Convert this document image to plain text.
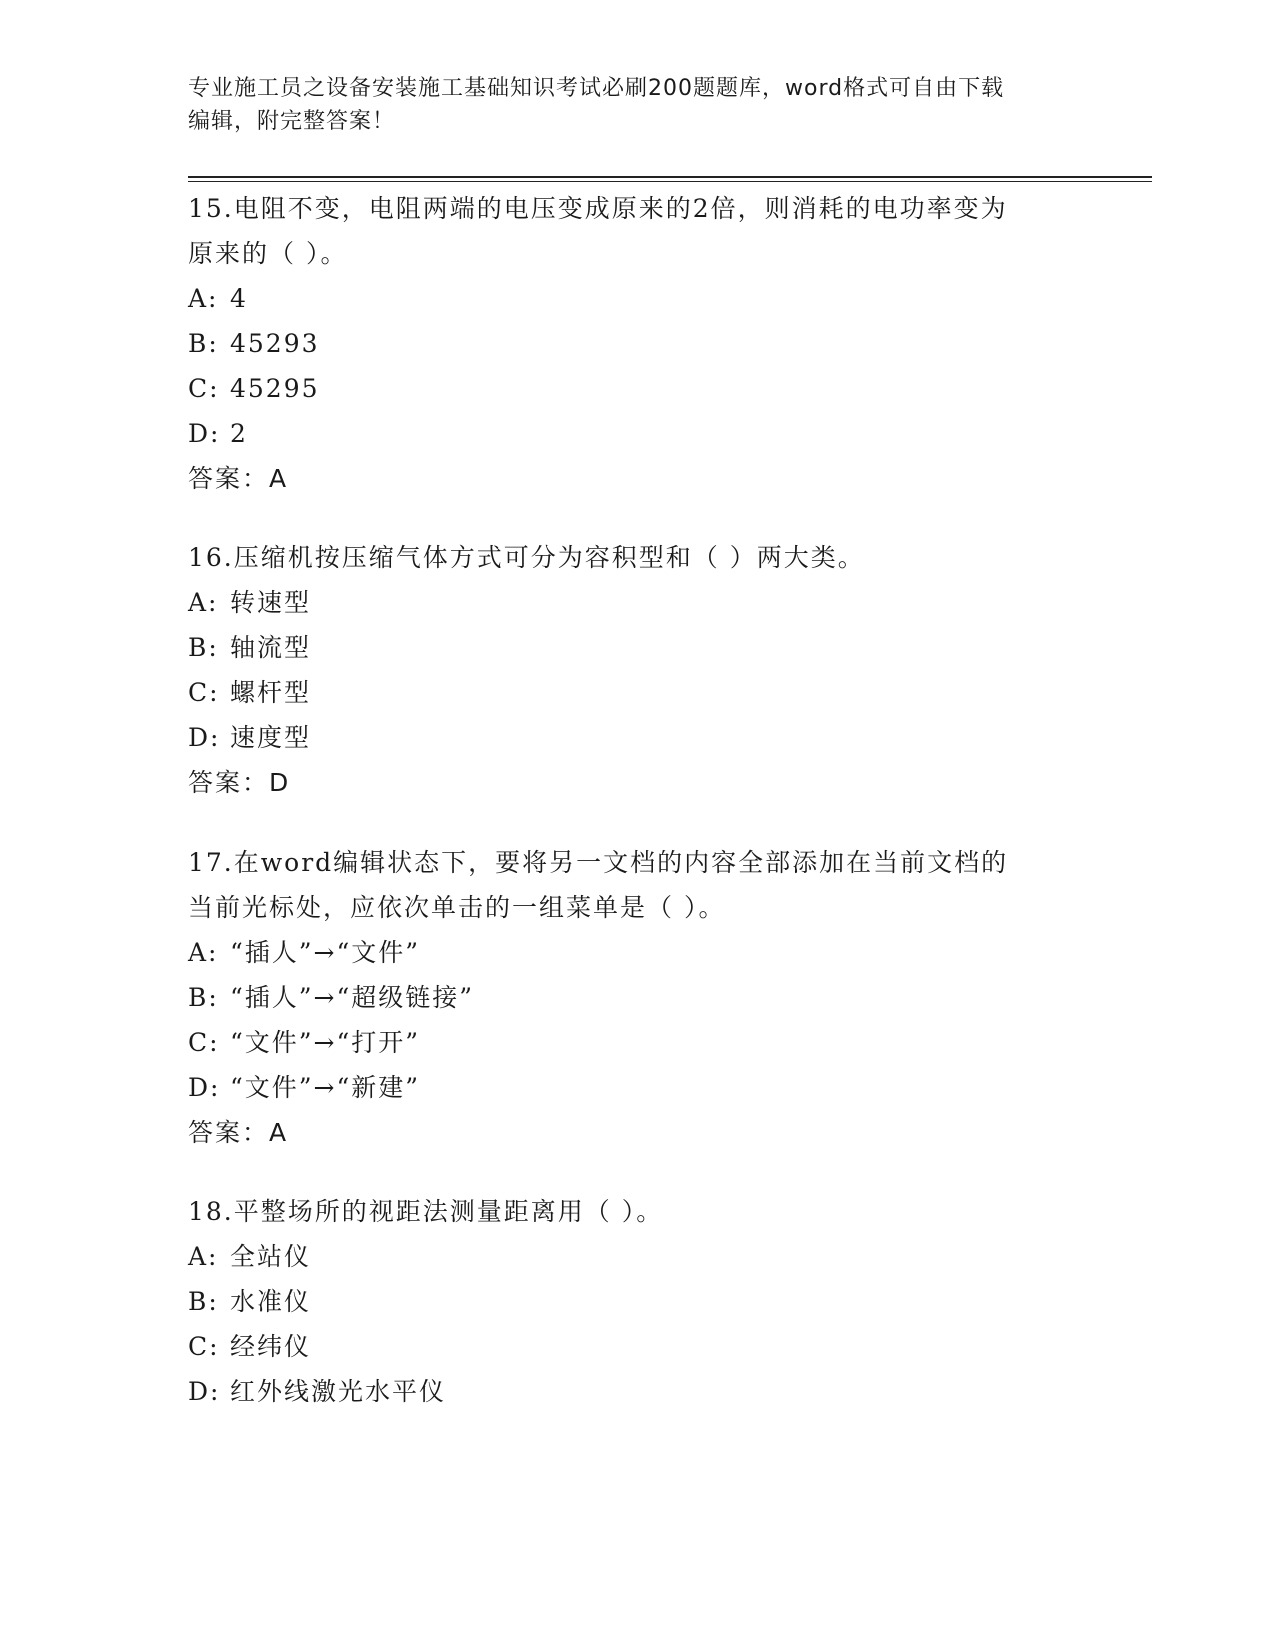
专业施工员之设备安装施工基础知识考试必刷200题题库，word格式可自由下载
编辑，附完整答案！
15.电阻不变，电阻两端的电压变成原来的2倍，则消耗的电功率变为
原来的（ ）。
A: 4
B: 45293
C: 45295
D: 2
答案：A
16.压缩机按压缩气体方式可分为容积型和（ ）两大类。
A: 转速型
B: 轴流型
C: 螺杆型
D: 速度型
答案：D
17.在word编辑状态下，要将另一文档的内容全部添加在当前文档的
当前光标处，应依次单击的一组菜单是（ ）。
A: “插人”→“文件”
B: “插人”→“超级链接”
C: “文件”→“打开”
D: “文件”→“新建”
答案：A
18.平整场所的视距法测量距离用（ ）。
A: 全站仪
B: 水准仪
C: 经纬仪
D: 红外线激光水平仪
